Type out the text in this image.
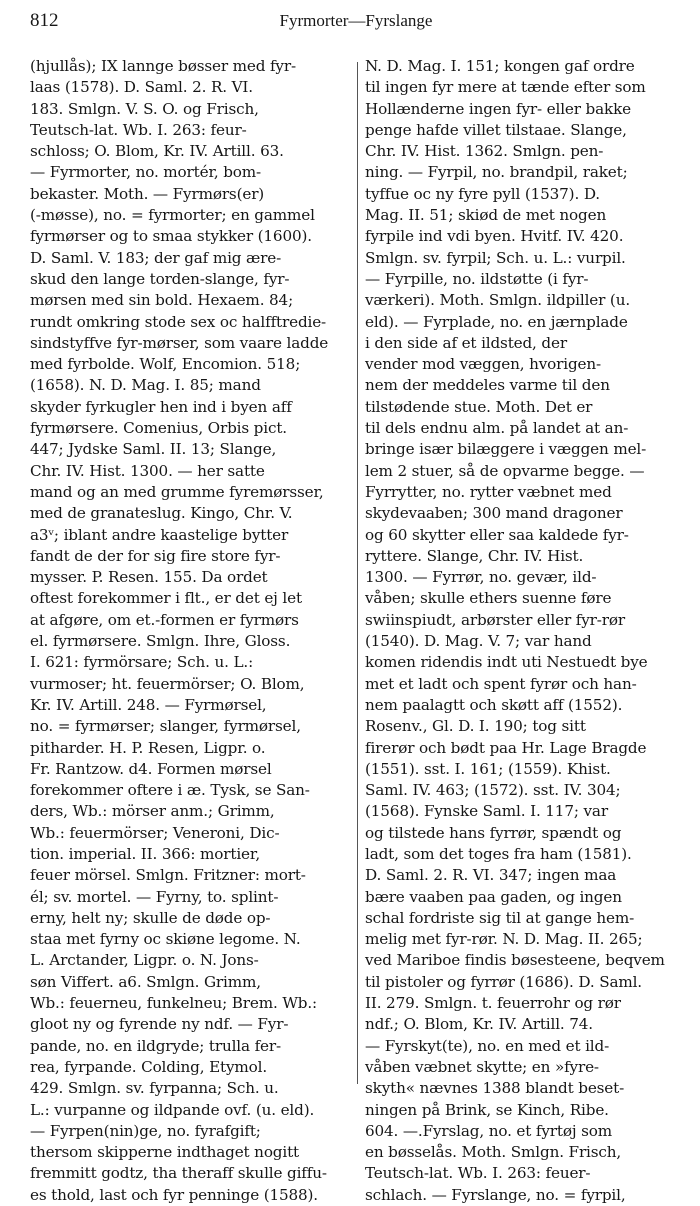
812	Fyrmorter—Fyrslange
(hjullås); IX lannge bøsser med fyr-
laas (1578). D. Saml. 2. R. VI.
183. Smlgn. V. S. O. og Frisch,
Teutsch-lat. Wb. I. 263: feur-
schloss; O. Blom, Kr. IV. Artill. 63.
— Fyrmorter, no. mortér, bom-
bekaster. Moth. — Fyrmørs(er)
(-møsse), no. = fyrmorter; en gammel
fyrmørser og to smaa stykker (1600).
D. Saml. V. 183; der gaf mig ære-
skud den lange torden-slange, fyr-
mørsen med sin bold. Hexaem. 84;
rundt omkring stode sex oc halfftredie-
sindstyffve fyr-mørser, som vaare ladde
med fyrbolde. Wolf, Encomion. 518;
(1658). N. D. Mag. I. 85; mand
skyder fyrkugler hen ind i byen aff
fyrmørsere. Comenius, Orbis pict.
447; Jydske Saml. II. 13; Slange,
Chr. IV. Hist. 1300. — her satte
mand og an med grumme fyremørsser,
med de granateslug. Kingo, Chr. V.
a3ᵛ; iblant andre kaastelige bytter
fandt de der for sig fire store fyr-
mysser. P. Resen. 155. Da ordet
oftest forekommer i flt., er det ej let
at afgøre, om et.-formen er fyrmørs
el. fyrmørsere. Smlgn. Ihre, Gloss.
I. 621: fyrmörsare; Sch. u. L.:
vurmoser; ht. feuermörser; O. Blom,
Kr. IV. Artill. 248. — Fyrmørsel,
no. = fyrmørser; slanger, fyrmørsel,
pitharder. H. P. Resen, Ligpr. o.
Fr. Rantzow. d4. Formen mørsel
forekommer oftere i æ. Tysk, se San-
ders, Wb.: mörser anm.; Grimm,
Wb.: feuermörser; Veneroni, Dic-
tion. imperial. II. 366: mortier,
feuer mörsel. Smlgn. Fritzner: mort-
él; sv. mortel. — Fyrny, to. splint-
erny, helt ny; skulle de døde op-
staa met fyrny oc skiøne legome. N.
L. Arctander, Ligpr. o. N. Jons-
søn Viffert. a6. Smlgn. Grimm,
Wb.: feuerneu, funkelneu; Brem. Wb.:
gloot ny og fyrende ny ndf. — Fyr-
pande, no. en ildgryde; trulla fer-
rea, fyrpande. Colding, Etymol.
429. Smlgn. sv. fyrpanna; Sch. u.
L.: vurpanne og ildpande ovf. (u. eld).
— Fyrpen(nin)ge, no. fyrafgift;
thersom skipperne indthaget nogitt
fremmitt godtz, tha theraff skulle giffu-
es thold, last och fyr penninge (1588).
N. D. Mag. I. 151; kongen gaf ordre
til ingen fyr mere at tænde efter som
Hollænderne ingen fyr- eller bakke
penge hafde villet tilstaae. Slange,
Chr. IV. Hist. 1362. Smlgn. pen-
ning. — Fyrpil, no. brandpil, raket;
tyffue oc ny fyre pyll (1537). D.
Mag. II. 51; skiød de met nogen
fyrpile ind vdi byen. Hvitf. IV. 420.
Smlgn. sv. fyrpil; Sch. u. L.: vurpil.
— Fyrpille, no. ildstøtte (i fyr-
værkeri). Moth. Smlgn. ildpiller (u.
eld). — Fyrplade, no. en jærnplade
i den side af et ildsted, der
vender mod væggen, hvorigen-
nem der meddeles varme til den
tilstødende stue. Moth. Det er
til dels endnu alm. på landet at an-
bringe især bilæggere i væggen mel-
lem 2 stuer, så de opvarme begge. —
Fyrrytter, no. rytter væbnet med
skydevaaben; 300 mand dragoner
og 60 skytter eller saa kaldede fyr-
ryttere. Slange, Chr. IV. Hist.
1300. — Fyrrør, no. gevær, ild-
våben; skulle ethers suenne føre
swiinspiudt, arbørster eller fyr-rør
(1540). D. Mag. V. 7; var hand
komen ridendis indt uti Nestuedt bye
met et ladt och spent fyrør och han-
nem paalagtt och skøtt aff (1552).
Rosenv., Gl. D. I. 190; tog sitt
firerør och bødt paa Hr. Lage Bragde
(1551). sst. I. 161; (1559). Khist.
Saml. IV. 463; (1572). sst. IV. 304;
(1568). Fynske Saml. I. 117; var
og tilstede hans fyrrør, spændt og
ladt, som det toges fra ham (1581).
D. Saml. 2. R. VI. 347; ingen maa
bære vaaben paa gaden, og ingen
schal fordriste sig til at gange hem-
melig met fyr-rør. N. D. Mag. II. 265;
ved Mariboe findis bøsesteene, beqvem
til pistoler og fyrrør (1686). D. Saml.
II. 279. Smlgn. t. feuerrohr og rør
ndf.; O. Blom, Kr. IV. Artill. 74.
— Fyrskyt(te), no. en med et ild-
våben væbnet skytte; en »fyre-
skyth« nævnes 1388 blandt beset-
ningen på Brink, se Kinch, Ribe.
604. —.Fyrslag, no. et fyrtøj som
en bøsselås. Moth. Smlgn. Frisch,
Teutsch-lat. Wb. I. 263: feuer-
schlach. — Fyrslange, no. = fyrpil,
